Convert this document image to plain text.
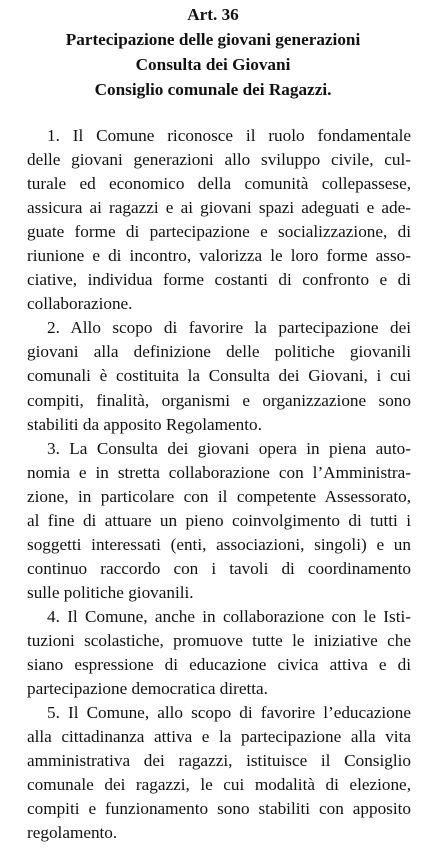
Art. 36
Partecipazione delle giovani generazioni
Consulta dei Giovani
Consiglio comunale dei Ragazzi.
1. Il Comune riconosce il ruolo fondamentale
delle giovani generazioni allo sviluppo civile, cul-
turale ed economico della comunità collepassese,
assicura ai ragazzi e ai giovani spazi adeguati e ade-
guate forme di partecipazione e socializzazione, di
riunione e di incontro, valorizza le loro forme asso-
ciative, individua forme costanti di confronto e di
collaborazione.
2. Allo scopo di favorire la partecipazione dei
giovani alla definizione delle politiche giovanili
comunali è costituita la Consulta dei Giovani, i cui
compiti, finalità, organismi e organizzazione sono
stabiliti da apposito Regolamento.
3. La Consulta dei giovani opera in piena auto-
nomia e in stretta collaborazione con l’Amministra-
zione, in particolare con il competente Assessorato,
al fine di attuare un pieno coinvolgimento di tutti i
soggetti interessati (enti, associazioni, singoli) e un
continuo raccordo con i tavoli di coordinamento
sulle politiche giovanili.
4. Il Comune, anche in collaborazione con le Isti-
tuzioni scolastiche, promuove tutte le iniziative che
siano espressione di educazione civica attiva e di
partecipazione democratica diretta.
5. Il Comune, allo scopo di favorire l’educazione
alla cittadinanza attiva e la partecipazione alla vita
amministrativa dei ragazzi, istituisce il Consiglio
comunale dei ragazzi, le cui modalità di elezione,
compiti e funzionamento sono stabiliti con apposito
regolamento.
